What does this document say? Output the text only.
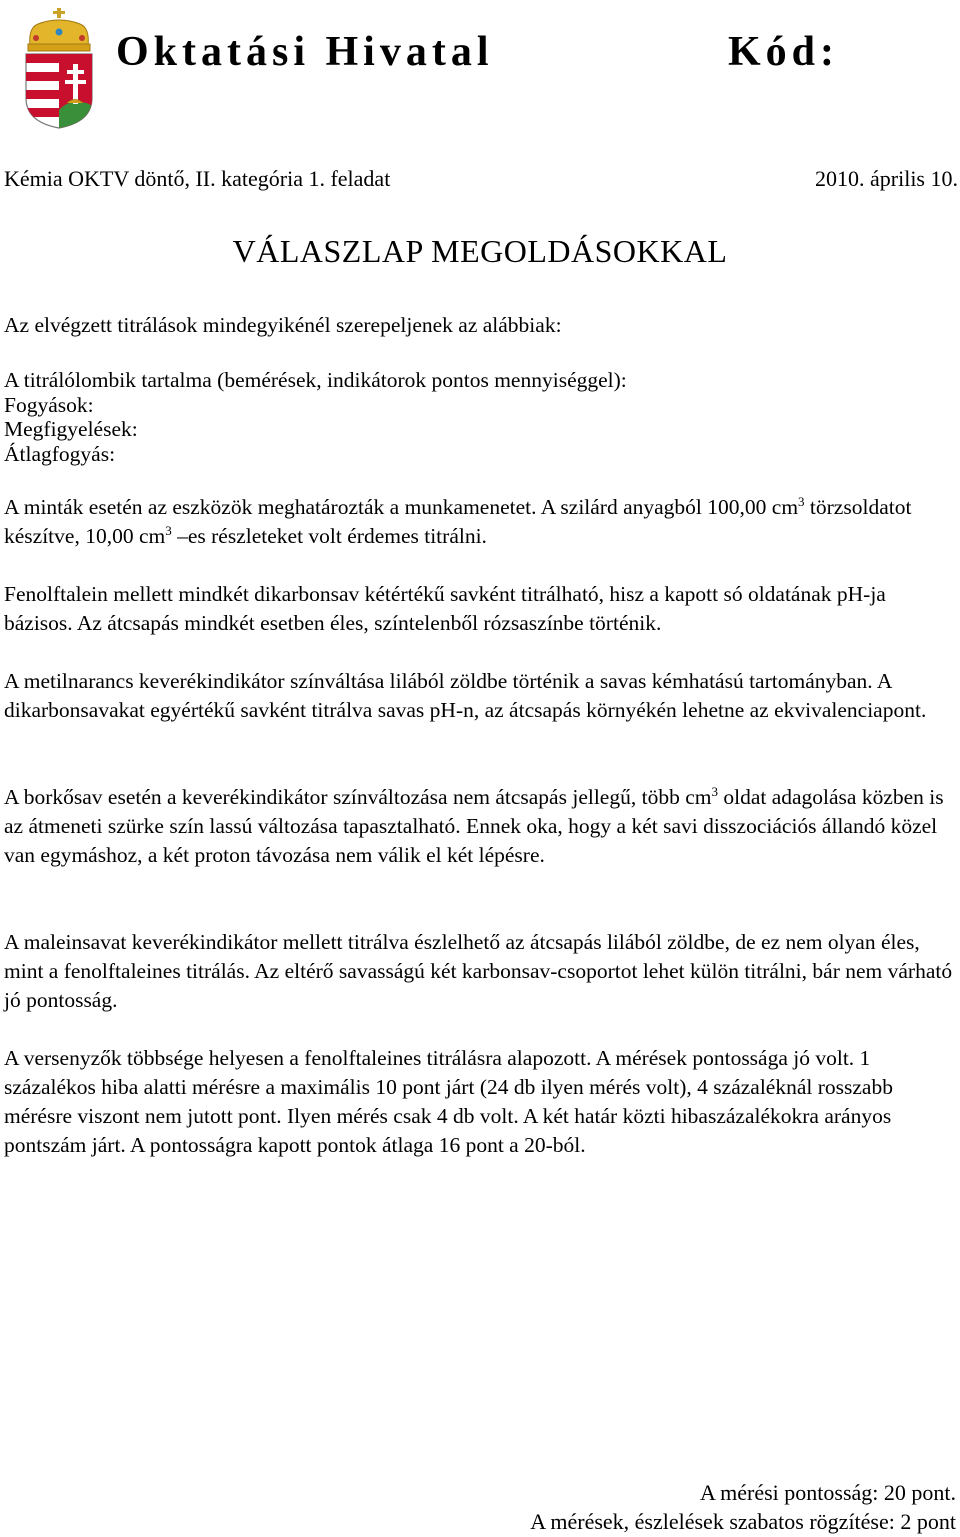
Oktatási Hivatal	Kód:
Kémia OKTV döntő, II. kategória 1. feladat	2010. április 10.
VÁLASZLAP MEGOLDÁSOKKAL

Az elvégzett titrálások mindegyikénél szerepeljenek az alábbiak:

A titrálólombik tartalma (bemérések, indikátorok pontos mennyiséggel):
Fogyások:
Megfigyelések:
Átlagfogyás:

A minták esetén az eszközök meghatározták a munkamenetet. A szilárd anyagból 100,00 $cm^3$ törzsoldatot készítve, 10,00 $cm^3$ –es részleteket volt érdemes titrálni.

Fenolftalein mellett mindkét dikarbonsav kétértékű savként titrálható, hisz a kapott só oldatának pH-ja bázisos. Az átcsapás mindkét esetben éles, színtelenből rózsaszínbe történik.

A metilnarancs keverékindikátor színváltása lilából zöldbe történik a savas kémhatású tartományban. A dikarbonsavakat egyértékű savként titrálva savas pH-n, az átcsapás környékén lehetne az ekvivalenciapont.

A borkősav esetén a keverékindikátor színváltozása nem átcsapás jellegű, több $cm^3$ oldat adagolása közben is az átmeneti szürke szín lassú változása tapasztalható. Ennek oka, hogy a két savi disszociációs állandó közel van egymáshoz, a két proton távozása nem válik el két lépésre.

A maleinsavat keverékindikátor mellett titrálva észlelhető az átcsapás lilából zöldbe, de ez nem olyan éles, mint a fenolftaleines titrálás. Az eltérő savasságú két karbonsav-csoportot lehet külön titrálni, bár nem várható jó pontosság.

A versenyzők többsége helyesen a fenolftaleines titrálásra alapozott. A mérések pontossága jó volt. 1 százalékos hiba alatti mérésre a maximális 10 pont járt (24 db ilyen mérés volt), 4 százaléknál rosszabb mérésre viszont nem jutott pont. Ilyen mérés csak 4 db volt. A két határ közti hibaszázalékokra arányos pontszám járt. A pontosságra kapott pontok átlaga 16 pont a 20-ból.

A mérési pontosság: 20 pont.
A mérések, észlelések szabatos rögzítése: 2 pont
